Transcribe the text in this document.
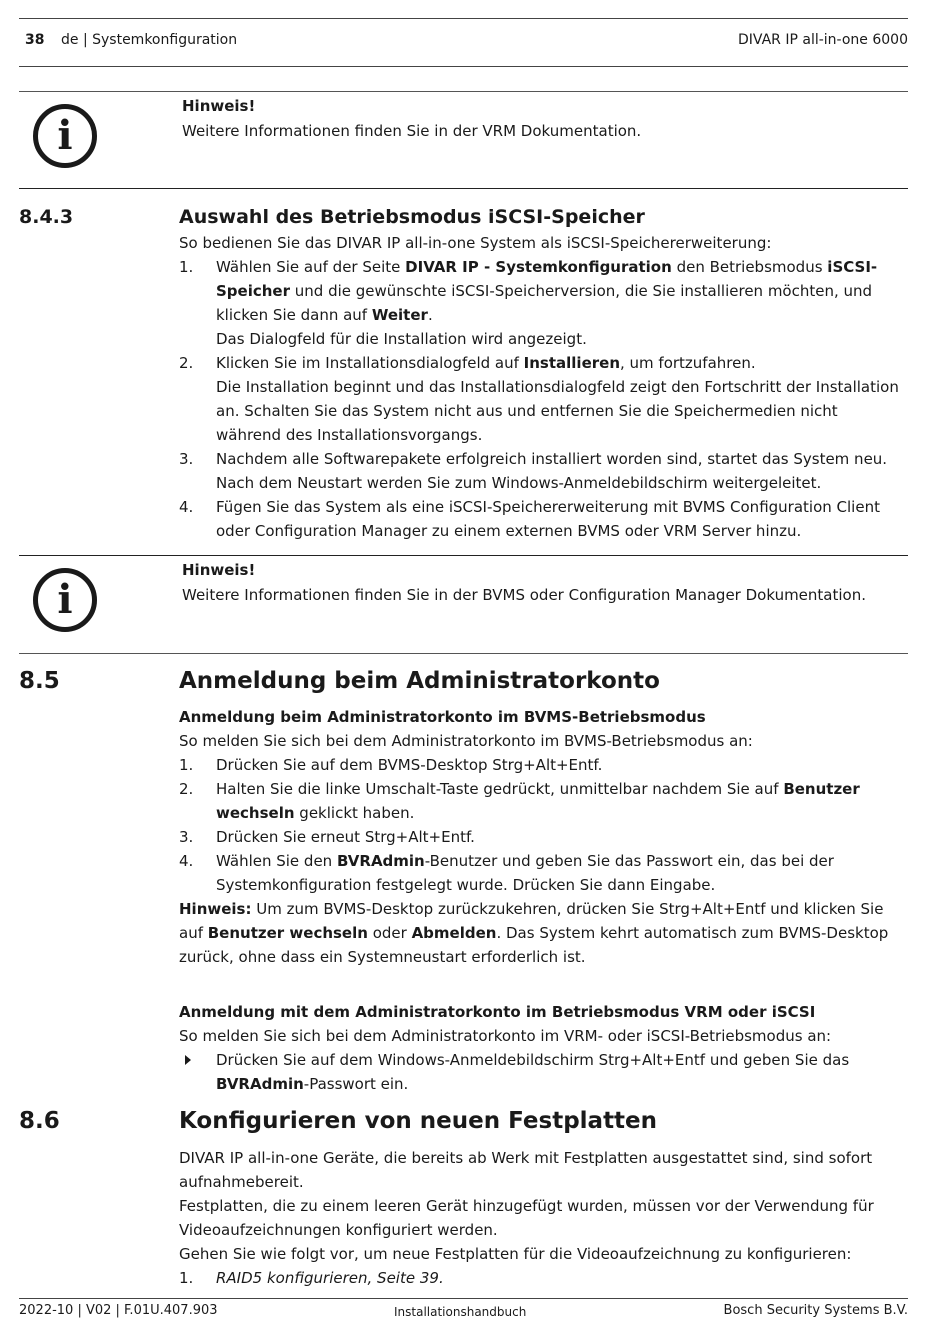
38 de | Systemkonfiguration	DIVAR IP all-in-one 6000
i
Hinweis!
Weitere Informationen finden Sie in der VRM Dokumentation.
8.4.3	Auswahl des Betriebsmodus iSCSI-Speicher

So bedienen Sie das DIVAR IP all-in-one System als iSCSI-Speichererweiterung:

1. Wählen Sie auf der Seite DIVAR IP - Systemkonfiguration den Betriebsmodus iSCSI-Speicher und die gewünschte iSCSI-Speicherversion, die Sie installieren möchten, und klicken Sie dann auf Weiter.
Das Dialogfeld für die Installation wird angezeigt.
2. Klicken Sie im Installationsdialogfeld auf Installieren, um fortzufahren.
Die Installation beginnt und das Installationsdialogfeld zeigt den Fortschritt der Installation an. Schalten Sie das System nicht aus und entfernen Sie die Speichermedien nicht während des Installationsvorgangs.
3. Nachdem alle Softwarepakete erfolgreich installiert worden sind, startet das System neu.
Nach dem Neustart werden Sie zum Windows-Anmeldebildschirm weitergeleitet.
4. Fügen Sie das System als eine iSCSI-Speichererweiterung mit BVMS Configuration Client oder Configuration Manager zu einem externen BVMS oder VRM Server hinzu.
i
Hinweis!
Weitere Informationen finden Sie in der BVMS oder Configuration Manager Dokumentation.
8.5	Anmeldung beim Administratorkonto

Anmeldung beim Administratorkonto im BVMS-Betriebsmodus

So melden Sie sich bei dem Administratorkonto im BVMS-Betriebsmodus an:

1. Drücken Sie auf dem BVMS-Desktop Strg+Alt+Entf.
2. Halten Sie die linke Umschalt-Taste gedrückt, unmittelbar nachdem Sie auf Benutzer wechseln geklickt haben.
3. Drücken Sie erneut Strg+Alt+Entf.
4. Wählen Sie den BVRAdmin-Benutzer und geben Sie das Passwort ein, das bei der Systemkonfiguration festgelegt wurde. Drücken Sie dann Eingabe.

Hinweis: Um zum BVMS-Desktop zurückzukehren, drücken Sie Strg+Alt+Entf und klicken Sie auf Benutzer wechseln oder Abmelden. Das System kehrt automatisch zum BVMS-Desktop zurück, ohne dass ein Systemneustart erforderlich ist.

Anmeldung mit dem Administratorkonto im Betriebsmodus VRM oder iSCSI

So melden Sie sich bei dem Administratorkonto im VRM- oder iSCSI-Betriebsmodus an:

Drücken Sie auf dem Windows-Anmeldebildschirm Strg+Alt+Entf und geben Sie das BVRAdmin-Passwort ein.
8.6	Konfigurieren von neuen Festplatten

DIVAR IP all-in-one Geräte, die bereits ab Werk mit Festplatten ausgestattet sind, sind sofort aufnahmebereit.

Festplatten, die zu einem leeren Gerät hinzugefügt wurden, müssen vor der Verwendung für Videoaufzeichnungen konfiguriert werden.

Gehen Sie wie folgt vor, um neue Festplatten für die Videoaufzeichnung zu konfigurieren:

1. RAID5 konfigurieren, Seite 39.
2022-10 | V02 | F.01U.407.903	Installationshandbuch	Bosch Security Systems B.V.
